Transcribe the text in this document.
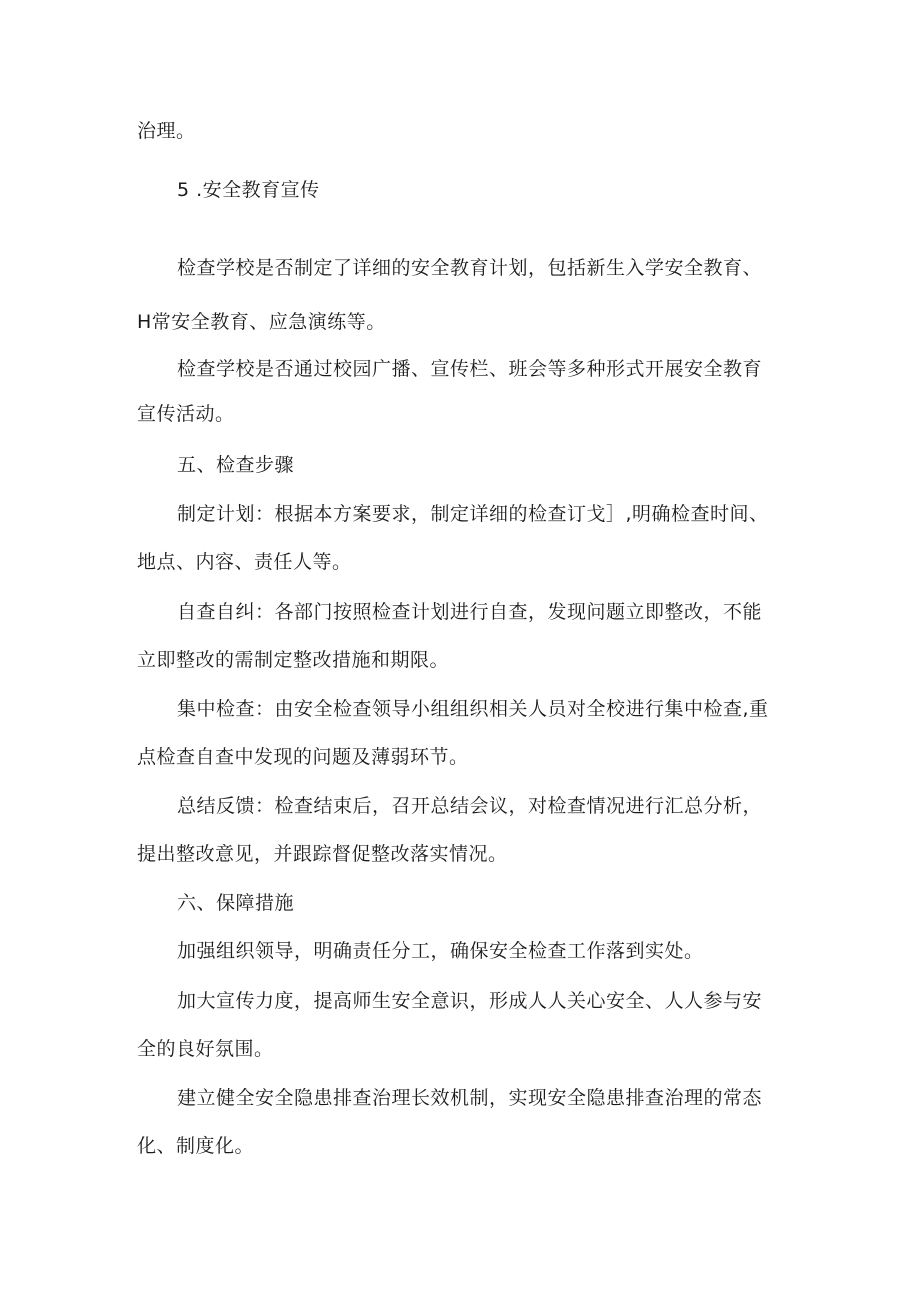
治理。
5 .安全教育宣传
检查学校是否制定了详细的安全教育计划，包括新生入学安全教育、
H常安全教育、应急演练等。
检查学校是否通过校园广播、宣传栏、班会等多种形式开展安全教育
宣传活动。
五、检查步骤
制定计划：根据本方案要求，制定详细的检查订戈］,明确检查时间、
地点、内容、责任人等。
自查自纠：各部门按照检查计划进行自查，发现问题立即整改，不能
立即整改的需制定整改措施和期限。
集中检查：由安全检查领导小组组织相关人员对全校进行集中检查,重
点检查自查中发现的问题及薄弱环节。
总结反馈：检查结束后，召开总结会议，对检查情况进行汇总分析，
提出整改意见，并跟踪督促整改落实情况。
六、保障措施
加强组织领导，明确责任分工，确保安全检查工作落到实处。
加大宣传力度，提高师生安全意识，形成人人关心安全、人人参与安
全的良好氛围。
建立健全安全隐患排查治理长效机制，实现安全隐患排查治理的常态
化、制度化。
